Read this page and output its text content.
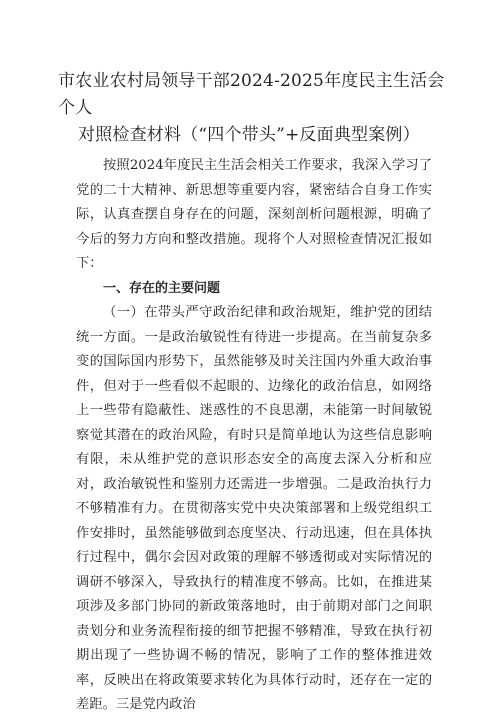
市农业农村局领导干部2024-2025年度民主生活会个人
对照检查材料（“四个带头”+反面典型案例）

按照2024年度民主生活会相关工作要求，我深入学习了党的二十大精神、新思想等重要内容，紧密结合自身工作实际，认真查摆自身存在的问题，深刻剖析问题根源，明确了今后的努力方向和整改措施。现将个人对照检查情况汇报如下：

一、存在的主要问题

（一）在带头严守政治纪律和政治规矩，维护党的团结统一方面。一是政治敏锐性有待进一步提高。在当前复杂多变的国际国内形势下，虽然能够及时关注国内外重大政治事件，但对于一些看似不起眼的、边缘化的政治信息，如网络上一些带有隐蔽性、迷惑性的不良思潮，未能第一时间敏锐察觉其潜在的政治风险，有时只是简单地认为这些信息影响有限，未从维护党的意识形态安全的高度去深入分析和应对，政治敏锐性和鉴别力还需进一步增强。二是政治执行力不够精准有力。在贯彻落实党中央决策部署和上级党组织工作安排时，虽然能够做到态度坚决、行动迅速，但在具体执行过程中，偶尔会因对政策的理解不够透彻或对实际情况的调研不够深入，导致执行的精准度不够高。比如，在推进某项涉及多部门协同的新政策落地时，由于前期对部门之间职责划分和业务流程衔接的细节把握不够精准，导致在执行初期出现了一些协调不畅的情况，影响了工作的整体推进效率，反映出在将政策要求转化为具体行动时，还存在一定的差距。三是党内政治
